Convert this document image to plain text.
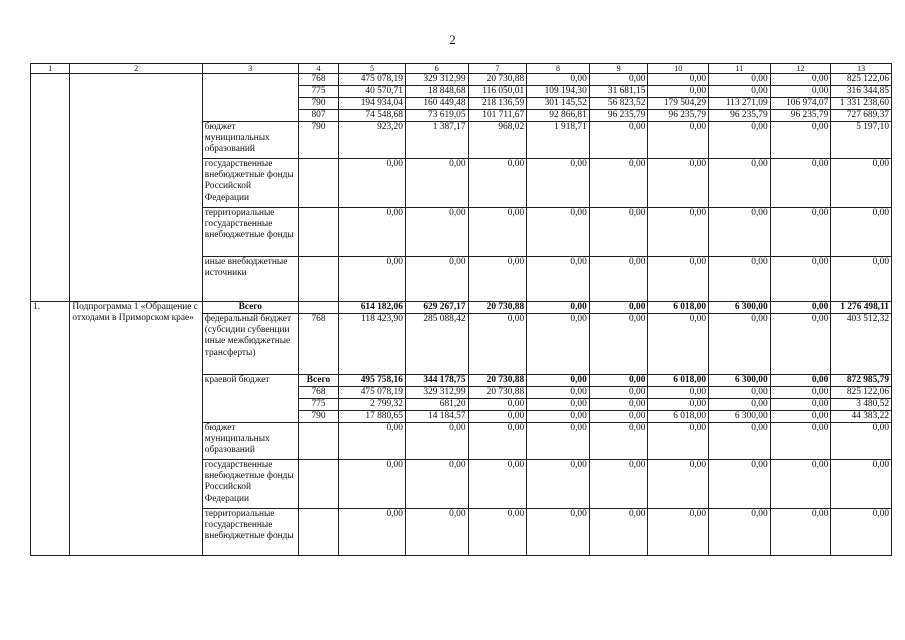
2
1	2	3	4	5	6	7	8	9	10	11	12	13
			768	475 078,19	329 312,99	20 730,88	0,00	0,00	0,00	0,00	0,00	825 122,06
			775	40 570,71	18 848,68	116 050,01	109 194,30	31 681,15	0,00	0,00	0,00	316 344,85
			790	194 934,04	160 449,48	218 136,59	301 145,52	56 823,52	179 504,29	113 271,09	106 974,07	1 331 238,60
			807	74 548,68	73 619,05	101 711,67	92 866,81	96 235,79	96 235,79	96 235,79	96 235,79	727 689,37
		бюджет муниципальных образований	790	923,20	1 387,17	968,02	1 918,71	0,00	0,00	0,00	0,00	5 197,10
		государственные внебюджетные фонды Российской Федерации		0,00	0,00	0,00	0,00	0,00	0,00	0,00	0,00	0,00
		территориальные государственные внебюджетные фонды		0,00	0,00	0,00	0,00	0,00	0,00	0,00	0,00	0,00
		иные внебюджетные источники		0,00	0,00	0,00	0,00	0,00	0,00	0,00	0,00	0,00
1.	Подпрограмма 1 «Обращение с отходами в Приморском крае»	Всего		614 182,06	629 267,17	20 730,88	0,00	0,00	6 018,00	6 300,00	0,00	1 276 498,11
		федеральный бюджет (субсидии субвенции иные межбюджетные трансферты)	768	118 423,90	285 088,42	0,00	0,00	0,00	0,00	0,00	0,00	403 512,32
		краевой бюджет	Всего	495 758,16	344 178,75	20 730,88	0,00	0,00	6 018,00	6 300,00	0,00	872 985,79
			768	475 078,19	329 312,99	20 730,88	0,00	0,00	0,00	0,00	0,00	825 122,06
			775	2 799,32	681,20	0,00	0,00	0,00	0,00	0,00	0,00	3 480,52
			790	17 880,65	14 184,57	0,00	0,00	0,00	6 018,00	6 300,00	0,00	44 383,22
		бюджет муниципальных образований		0,00	0,00	0,00	0,00	0,00	0,00	0,00	0,00	0,00
		государственные внебюджетные фонды Российской Федерации		0,00	0,00	0,00	0,00	0,00	0,00	0,00	0,00	0,00
		территориальные государственные внебюджетные фонды		0,00	0,00	0,00	0,00	0,00	0,00	0,00	0,00	0,00
